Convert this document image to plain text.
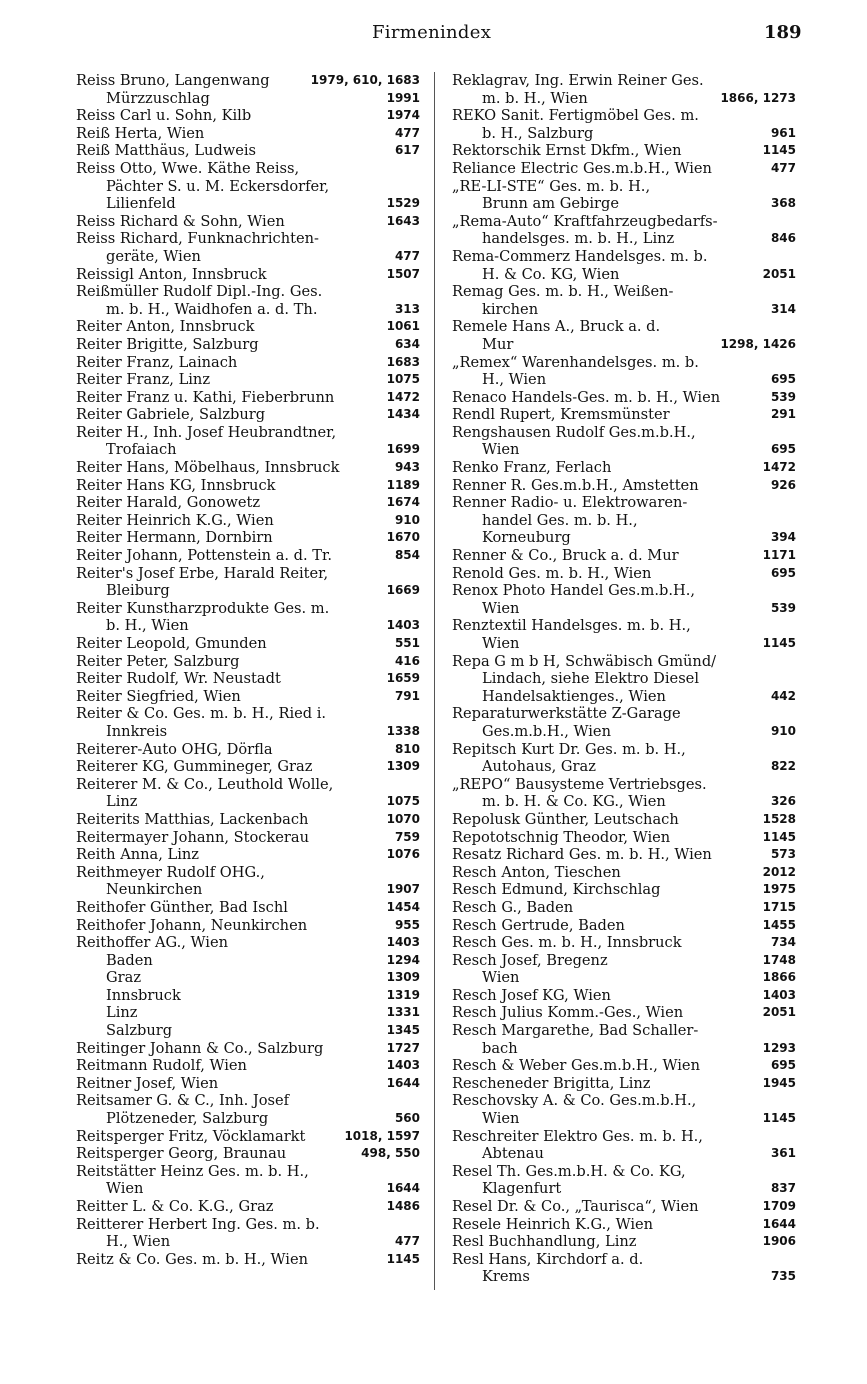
Firmenindex	189
Reiss Bruno, Langenwang	1979, 610, 1683
Mürzzuschlag	1991
Reiss Carl u. Sohn, Kilb	1974
Reiß Herta, Wien	477
Reiß Matthäus, Ludweis	617
Reiss Otto, Wwe. Käthe Reiss,
Pächter S. u. M. Eckersdorfer,
Lilienfeld	1529
Reiss Richard & Sohn, Wien	1643
Reiss Richard, Funknachrichten-
geräte, Wien	477
Reissigl Anton, Innsbruck	1507
Reißmüller Rudolf Dipl.-Ing. Ges.
m. b. H., Waidhofen a. d. Th.	313
Reiter Anton, Innsbruck	1061
Reiter Brigitte, Salzburg	634
Reiter Franz, Lainach	1683
Reiter Franz, Linz	1075
Reiter Franz u. Kathi, Fieberbrunn	1472
Reiter Gabriele, Salzburg	1434
Reiter H., Inh. Josef Heubrandtner,
Trofaiach	1699
Reiter Hans, Möbelhaus, Innsbruck	943
Reiter Hans KG, Innsbruck	1189
Reiter Harald, Gonowetz	1674
Reiter Heinrich K.G., Wien	910
Reiter Hermann, Dornbirn	1670
Reiter Johann, Pottenstein a. d. Tr.	854
Reiter's Josef Erbe, Harald Reiter,
Bleiburg	1669
Reiter Kunstharzprodukte Ges. m.
b. H., Wien	1403
Reiter Leopold, Gmunden	551
Reiter Peter, Salzburg	416
Reiter Rudolf, Wr. Neustadt	1659
Reiter Siegfried, Wien	791
Reiter & Co. Ges. m. b. H., Ried i.
Innkreis	1338
Reiterer-Auto OHG, Dörfla	810
Reiterer KG, Gummineger, Graz	1309
Reiterer M. & Co., Leuthold Wolle,
Linz	1075
Reiterits Matthias, Lackenbach	1070
Reitermayer Johann, Stockerau	759
Reith Anna, Linz	1076
Reithmeyer Rudolf OHG.,
Neunkirchen	1907
Reithofer Günther, Bad Ischl	1454
Reithofer Johann, Neunkirchen	955
Reithoffer AG., Wien	1403
Baden	1294
Graz	1309
Innsbruck	1319
Linz	1331
Salzburg	1345
Reitinger Johann & Co., Salzburg	1727
Reitmann Rudolf, Wien	1403
Reitner Josef, Wien	1644
Reitsamer G. & C., Inh. Josef
Plötzeneder, Salzburg	560
Reitsperger Fritz, Vöcklamarkt	1018, 1597
Reitsperger Georg, Braunau	498, 550
Reitstätter Heinz Ges. m. b. H.,
Wien	1644
Reitter L. & Co. K.G., Graz	1486
Reitterer Herbert Ing. Ges. m. b.
H., Wien	477
Reitz & Co. Ges. m. b. H., Wien	1145
Reklagrav, Ing. Erwin Reiner Ges.
m. b. H., Wien	1866, 1273
REKO Sanit. Fertigmöbel Ges. m.
b. H., Salzburg	961
Rektorschik Ernst Dkfm., Wien	1145
Reliance Electric Ges.m.b.H., Wien	477
„RE-LI-STE“ Ges. m. b. H.,
Brunn am Gebirge	368
„Rema-Auto“ Kraftfahrzeugbedarfs-
handelsges. m. b. H., Linz	846
Rema-Commerz Handelsges. m. b.
H. & Co. KG, Wien	2051
Remag Ges. m. b. H., Weißen-
kirchen	314
Remele Hans A., Bruck a. d.
Mur	1298, 1426
„Remex“ Warenhandelsges. m. b.
H., Wien	695
Renaco Handels-Ges. m. b. H., Wien	539
Rendl Rupert, Kremsmünster	291
Rengshausen Rudolf Ges.m.b.H.,
Wien	695
Renko Franz, Ferlach	1472
Renner R. Ges.m.b.H., Amstetten	926
Renner Radio- u. Elektrowaren-
handel Ges. m. b. H.,
Korneuburg	394
Renner & Co., Bruck a. d. Mur	1171
Renold Ges. m. b. H., Wien	695
Renox Photo Handel Ges.m.b.H.,
Wien	539
Renztextil Handelsges. m. b. H.,
Wien	1145
Repa G m b H, Schwäbisch Gmünd/
Lindach, siehe Elektro Diesel
Handelsaktienges., Wien	442
Reparaturwerkstätte Z-Garage
Ges.m.b.H., Wien	910
Repitsch Kurt Dr. Ges. m. b. H.,
Autohaus, Graz	822
„REPO“ Bausysteme Vertriebsges.
m. b. H. & Co. KG., Wien	326
Repolusk Günther, Leutschach	1528
Repototschnig Theodor, Wien	1145
Resatz Richard Ges. m. b. H., Wien	573
Resch Anton, Tieschen	2012
Resch Edmund, Kirchschlag	1975
Resch G., Baden	1715
Resch Gertrude, Baden	1455
Resch Ges. m. b. H., Innsbruck	734
Resch Josef, Bregenz	1748
Wien	1866
Resch Josef KG, Wien	1403
Resch Julius Komm.-Ges., Wien	2051
Resch Margarethe, Bad Schaller-
bach	1293
Resch & Weber Ges.m.b.H., Wien	695
Rescheneder Brigitta, Linz	1945
Reschovsky A. & Co. Ges.m.b.H.,
Wien	1145
Reschreiter Elektro Ges. m. b. H.,
Abtenau	361
Resel Th. Ges.m.b.H. & Co. KG,
Klagenfurt	837
Resel Dr. & Co., „Taurisca“, Wien	1709
Resele Heinrich K.G., Wien	1644
Resl Buchhandlung, Linz	1906
Resl Hans, Kirchdorf a. d.
Krems	735
